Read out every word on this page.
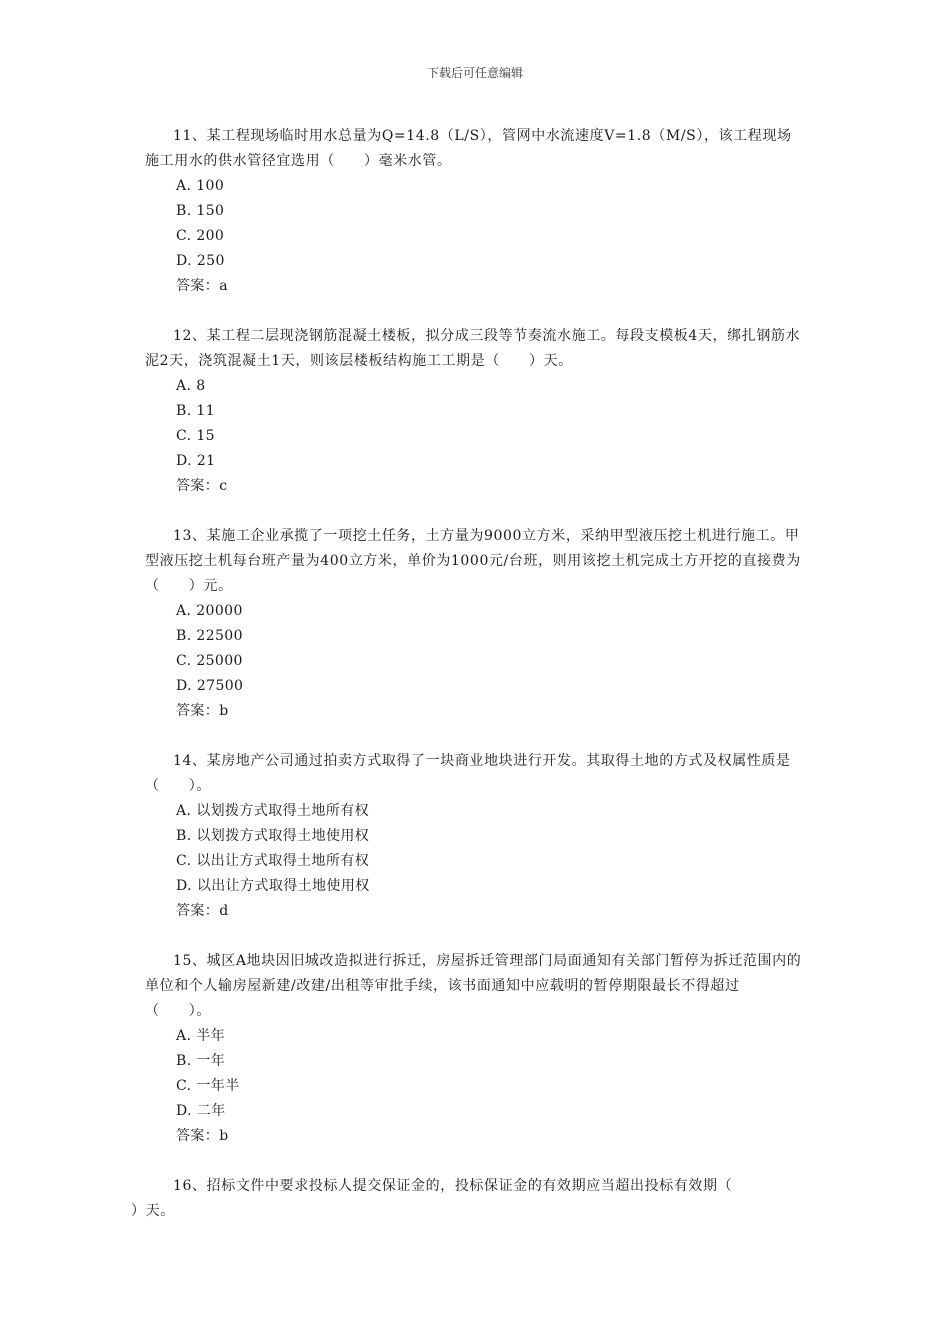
下载后可任意编辑

11、某工程现场临时用水总量为Q=14.8（L/S），管网中水流速度V=1.8（M/S），该工程现场施工用水的供水管径宜选用（　　）毫米水管。

A. 100
B. 150
C. 200
D. 250
答案：a

12、某工程二层现浇钢筋混凝土楼板，拟分成三段等节奏流水施工。每段支模板4天，绑扎钢筋水泥2天，浇筑混凝土1天，则该层楼板结构施工工期是（　　）天。

A. 8
B. 11
C. 15
D. 21
答案：c

13、某施工企业承揽了一项挖土任务，土方量为9000立方米，采纳甲型液压挖土机进行施工。甲型液压挖土机每台班产量为400立方米，单价为1000元/台班，则用该挖土机完成土方开挖的直接费为（　　）元。

A. 20000
B. 22500
C. 25000
D. 27500
答案：b

14、某房地产公司通过拍卖方式取得了一块商业地块进行开发。其取得土地的方式及权属性质是（　　）。

A. 以划拨方式取得土地所有权
B. 以划拨方式取得土地使用权
C. 以出让方式取得土地所有权
D. 以出让方式取得土地使用权
答案：d

15、城区A地块因旧城改造拟进行拆迁，房屋拆迁管理部门局面通知有关部门暂停为拆迁范围内的单位和个人输房屋新建/改建/出租等审批手续，该书面通知中应载明的暂停期限最长不得超过（　　）。

A. 半年
B. 一年
C. 一年半
D. 二年
答案：b

16、招标文件中要求投标人提交保证金的，投标保证金的有效期应当超出投标有效期（

）天。
